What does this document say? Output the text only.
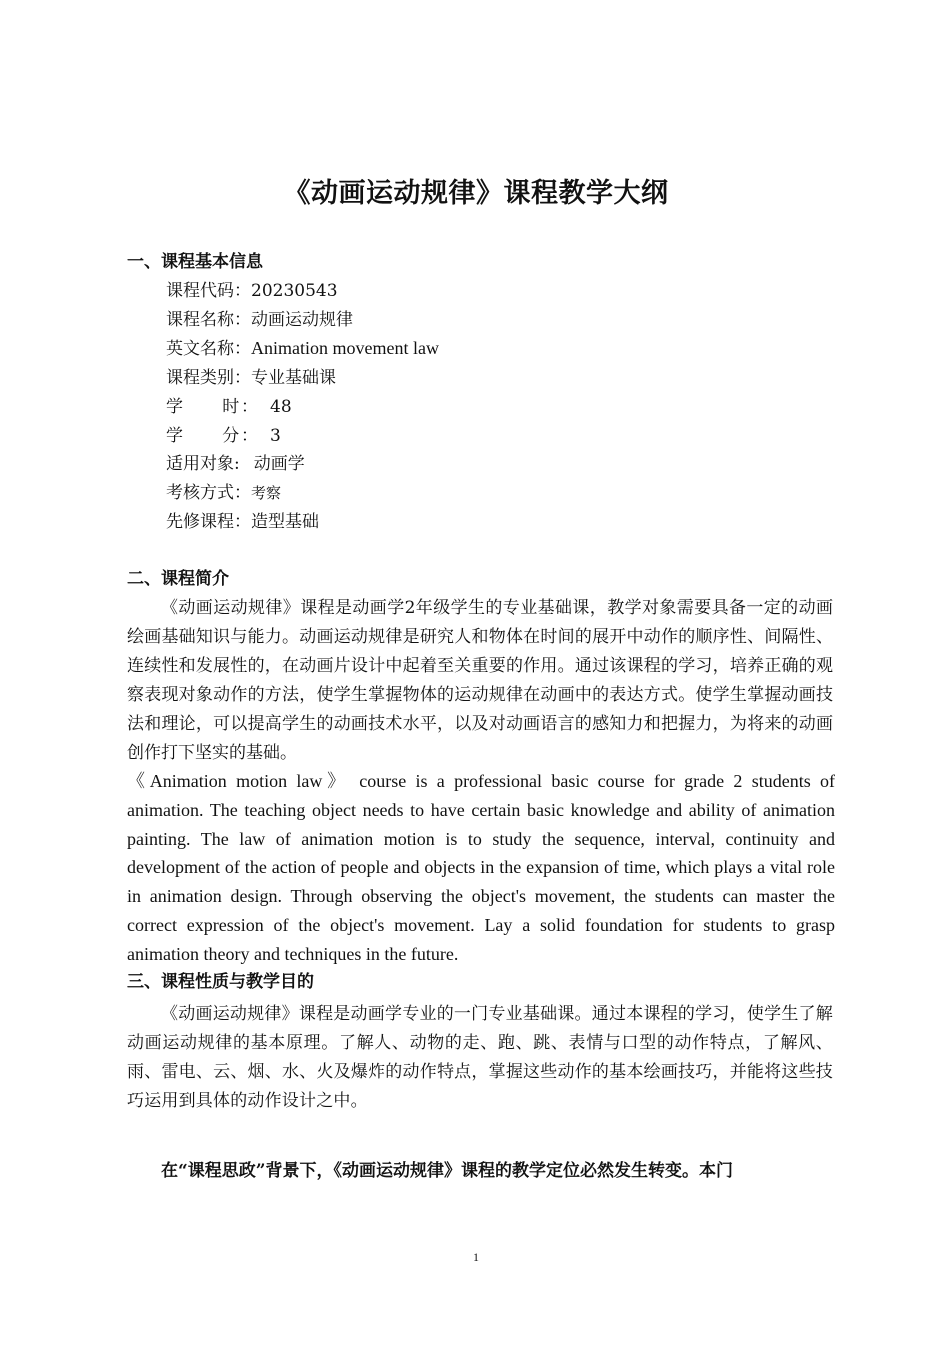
《动画运动规律》课程教学大纲
一、课程基本信息
课程代码：20230543
课程名称：动画运动规律
英文名称：Animation movement law
课程类别：专业基础课
学　　时： 48
学　　分： 3
适用对象: 动画学
考核方式：考察
先修课程：造型基础
二、课程简介

《动画运动规律》课程是动画学2年级学生的专业基础课，教学对象需要具备一定的动画绘画基础知识与能力。动画运动规律是研究人和物体在时间的展开中动作的顺序性、间隔性、连续性和发展性的，在动画片设计中起着至关重要的作用。通过该课程的学习，培养正确的观察表现对象动作的方法，使学生掌握物体的运动规律在动画中的表达方式。使学生掌握动画技法和理论，可以提高学生的动画技术水平，以及对动画语言的感知力和把握力，为将来的动画创作打下坚实的基础。

《Animation motion law》 course is a professional basic course for grade 2 students of animation. The teaching object needs to have certain basic knowledge and ability of animation painting. The law of animation motion is to study the sequence, interval, continuity and development of the action of people and objects in the expansion of time, which plays a vital role in animation design. Through observing the object's movement, the students can master the correct expression of the object's movement. Lay a solid foundation for students to grasp animation theory and techniques in the future.

三、课程性质与教学目的

《动画运动规律》课程是动画学专业的一门专业基础课。通过本课程的学习，使学生了解动画运动规律的基本原理。了解人、动物的走、跑、跳、表情与口型的动作特点，了解风、雨、雷电、云、烟、水、火及爆炸的动作特点，掌握这些动作的基本绘画技巧，并能将这些技巧运用到具体的动作设计之中。

在“课程思政”背景下，《动画运动规律》课程的教学定位必然发生转变。本门

1
